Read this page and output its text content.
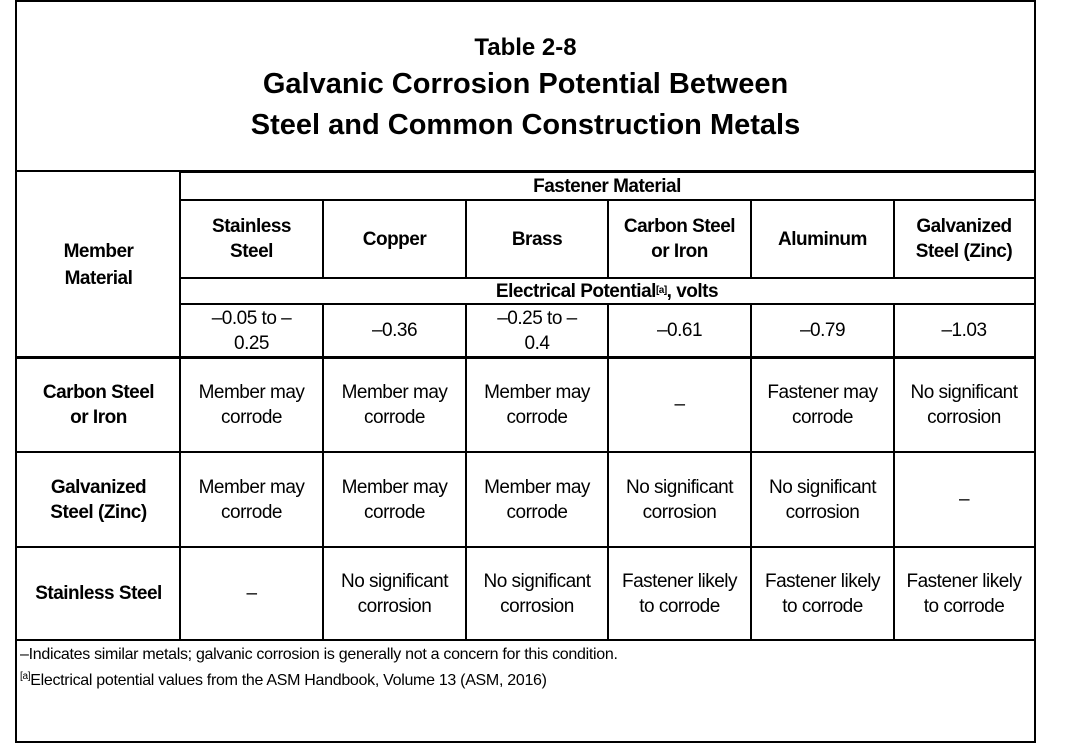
Table 2-8
Galvanic Corrosion Potential Between
Steel and Common Construction Metals
Member Material
Fastener Material
Stainless Steel
–0.05 to –0.25
Copper
–0.36
Brass
–0.25 to –0.4
Carbon Steel or Iron
–0.61
Aluminum
–0.79
Galvanized Steel (Zinc)
–1.03
Electrical Potential [a] , volts
Carbon Steel or Iron
Member may corrode
Member may corrode
Member may corrode
–
Fastener may corrode
No significant corrosion
Galvanized Steel (Zinc)
Member may corrode
Member may corrode
Member may corrode
No significant corrosion
No significant corrosion
–
Stainless Steel	–
No significant corrosion
No significant corrosion
Fastener likely to corrode
Fastener likely to corrode
Fastener likely to corrode
–Indicates similar metals; galvanic corrosion is generally not a concern for this condition.
[a]Electrical potential values from the ASM Handbook, Volume 13 (ASM, 2016)
